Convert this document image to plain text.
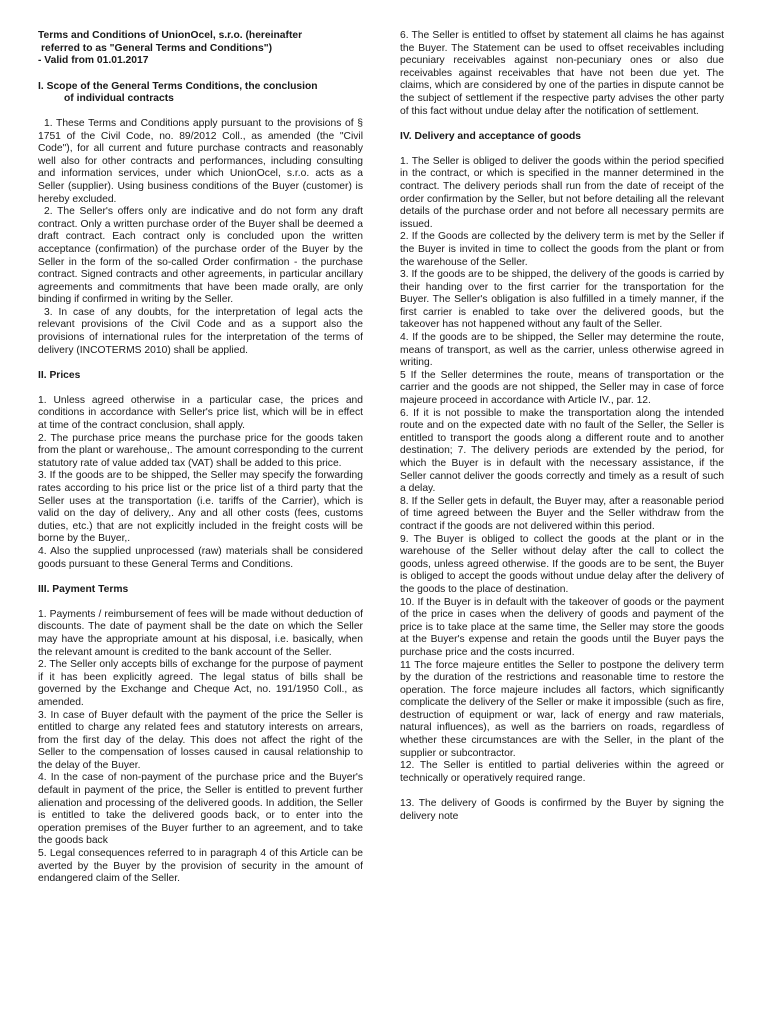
Terms and Conditions of UnionOcel, s.r.o. (hereinafter
referred to as "General Terms and Conditions")
- Valid from 01.01.2017
I. Scope of the General Terms Conditions, the conclusion
of individual contracts

1. These Terms and Conditions apply pursuant to the provisions of § 1751 of the Civil Code, no. 89/2012 Coll., as amended (the "Civil Code"), for all current and future purchase contracts and reasonably well also for other contracts and performances, including consulting and information services, under which UnionOcel, s.r.o. acts as a Seller (supplier). Using business conditions of the Buyer (customer) is hereby excluded.

2. The Seller's offers only are indicative and do not form any draft contract. Only a written purchase order of the Buyer shall be deemed a draft contract. Each contract only is concluded upon the written acceptance (confirmation) of the purchase order of the Buyer by the Seller in the form of the so-called Order confirmation - the purchase contract. Signed contracts and other agreements, in particular ancillary agreements and commitments that have been made orally, are only binding if confirmed in writing by the Seller.

3. In case of any doubts, for the interpretation of legal acts the relevant provisions of the Civil Code and as a support also the provisions of international rules for the interpretation of the terms of delivery (INCOTERMS 2010) shall be applied.

II. Prices

1. Unless agreed otherwise in a particular case, the prices and conditions in accordance with Seller's price list, which will be in effect at time of the contract conclusion, shall apply.

2. The purchase price means the purchase price for the goods taken from the plant or warehouse,. The amount corresponding to the current statutory rate of value added tax (VAT) shall be added to this price.

3. If the goods are to be shipped, the Seller may specify the forwarding rates according to his price list or the price list of a third party that the Seller uses at the transportation (i.e. tariffs of the Carrier), which is valid on the day of delivery,. Any and all other costs (fees, customs duties, etc.) that are not explicitly included in the freight costs will be borne by the Buyer,.

4. Also the supplied unprocessed (raw) materials shall be considered goods pursuant to these General Terms and Conditions.

III. Payment Terms

1. Payments / reimbursement of fees will be made without deduction of discounts. The date of payment shall be the date on which the Seller may have the appropriate amount at his disposal, i.e. basically, when the relevant amount is credited to the bank account of the Seller.

2. The Seller only accepts bills of exchange for the purpose of payment if it has been explicitly agreed. The legal status of bills shall be governed by the Exchange and Cheque Act, no. 191/1950 Coll., as amended.

3. In case of Buyer default with the payment of the price the Seller is entitled to charge any related fees and statutory interests on arrears, from the first day of the delay. This does not affect the right of the Seller to the compensation of losses caused in causal relationship to the delay of the Buyer.

4. In the case of non-payment of the purchase price and the Buyer's default in payment of the price, the Seller is entitled to prevent further alienation and processing of the delivered goods. In addition, the Seller is entitled to take the delivered goods back, or to enter into the operation premises of the Buyer further to an agreement, and to take the goods back

5. Legal consequences referred to in paragraph 4 of this Article can be averted by the Buyer by the provision of security in the amount of endangered claim of the Seller.

6. The Seller is entitled to offset by statement all claims he has against the Buyer. The Statement can be used to offset receivables including pecuniary receivables against non-pecuniary ones or also due receivables against receivables that have not been due yet. The claims, which are considered by one of the parties in dispute cannot be the subject of settlement if the respective party advises the other party of this fact without undue delay after the notification of settlement.

IV. Delivery and acceptance of goods

1. The Seller is obliged to deliver the goods within the period specified in the contract, or which is specified in the manner determined in the contract. The delivery periods shall run from the date of receipt of the order confirmation by the Seller, but not before detailing all the relevant details of the purchase order and not before all necessary permits are issued.

2. If the Goods are collected by the delivery term is met by the Seller if the Buyer is invited in time to collect the goods from the plant or from the warehouse of the Seller.

3. If the goods are to be shipped, the delivery of the goods is carried by their handing over to the first carrier for the transportation for the Buyer. The Seller's obligation is also fulfilled in a timely manner, if the first carrier is enabled to take over the delivered goods, but the takeover has not happened without any fault of the Seller.

4. If the goods are to be shipped, the Seller may determine the route, means of transport, as well as the carrier, unless otherwise agreed in writing.

5 If the Seller determines the route, means of transportation or the carrier and the goods are not shipped, the Seller may in case of force majeure proceed in accordance with Article IV., par. 12.

6. If it is not possible to make the transportation along the intended route and on the expected date with no fault of the Seller, the Seller is entitled to transport the goods along a different route and to another destination; 7. The delivery periods are extended by the period, for which the Buyer is in default with the necessary assistance, if the Seller cannot deliver the goods correctly and timely as a result of such a delay.

8. If the Seller gets in default, the Buyer may, after a reasonable period of time agreed between the Buyer and the Seller withdraw from the contract if the goods are not delivered within this period.

9. The Buyer is obliged to collect the goods at the plant or in the warehouse of the Seller without delay after the call to collect the goods, unless agreed otherwise. If the goods are to be sent, the Buyer is obliged to accept the goods without undue delay after the delivery of the goods to the place of destination.

10. If the Buyer is in default with the takeover of goods or the payment of the price in cases when the delivery of goods and payment of the price is to take place at the same time, the Seller may store the goods at the Buyer's expense and retain the goods until the Buyer pays the purchase price and the costs incurred.

11 The force majeure entitles the Seller to postpone the delivery term by the duration of the restrictions and reasonable time to restore the operation. The force majeure includes all factors, which significantly complicate the delivery of the Seller or make it impossible (such as fire, destruction of equipment or war, lack of energy and raw materials, natural influences), as well as the barriers on roads, regardless of whether these circumstances are with the Seller, in the plant of the supplier or subcontractor.

12. The Seller is entitled to partial deliveries within the agreed or technically or operatively required range.

13. The delivery of Goods is confirmed by the Buyer by signing the delivery note
